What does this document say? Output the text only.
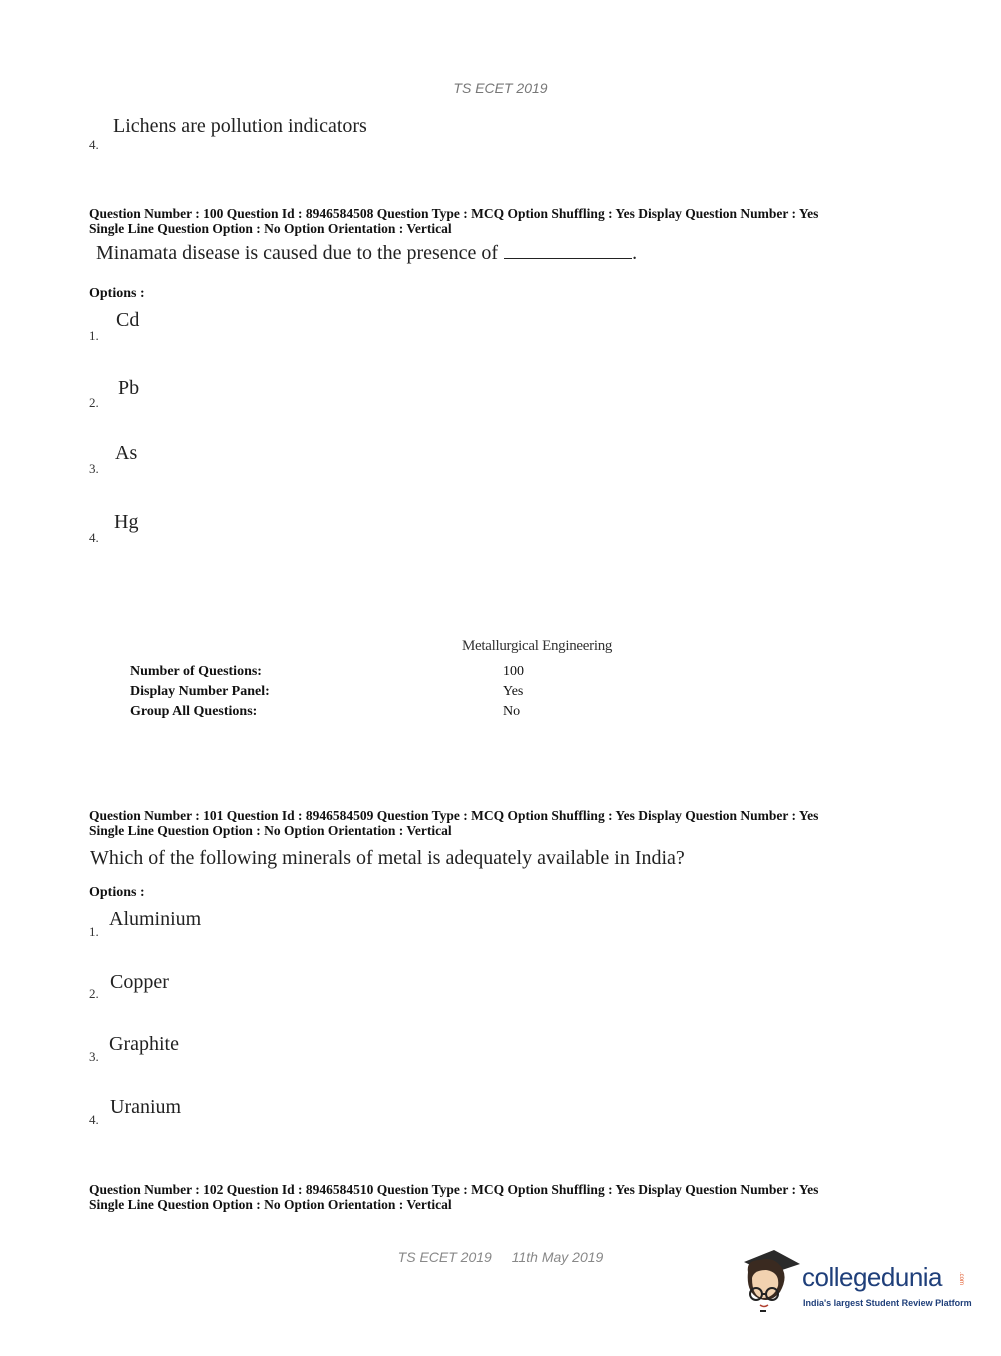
TS ECET 2019
Lichens are pollution indicators
4.
Question Number : 100 Question Id : 8946584508 Question Type : MCQ Option Shuffling : Yes Display Question Number : Yes
Single Line Question Option : No Option Orientation : Vertical
Minamata disease is caused due to the presence of	.
Options :
Cd
1.
Pb
2.
As
3.
Hg
4.
Metallurgical Engineering
Number of Questions:	100
Display Number Panel:	Yes
Group All Questions:	No
Question Number : 101 Question Id : 8946584509 Question Type : MCQ Option Shuffling : Yes Display Question Number : Yes
Single Line Question Option : No Option Orientation : Vertical
Which of the following minerals of metal is adequately available in India?
Options :
Aluminium
1.
Copper
2.
Graphite
3.
Uranium
4.
Question Number : 102 Question Id : 8946584510 Question Type : MCQ Option Shuffling : Yes Display Question Number : Yes
Single Line Question Option : No Option Orientation : Vertical
TS ECET 2019 11th May 2019
collegedunia	.com
India's largest Student Review Platform
